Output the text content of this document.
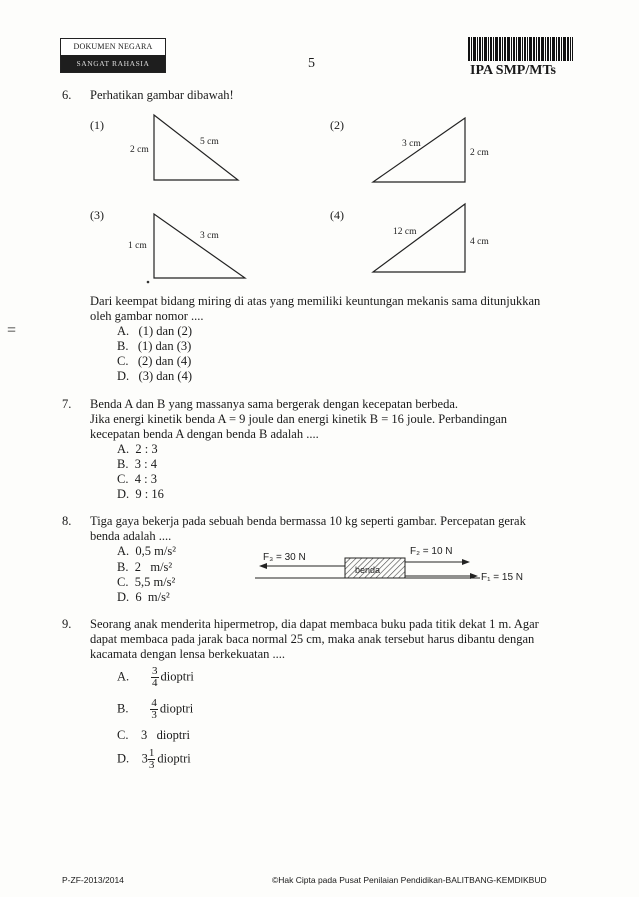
DOKUMEN NEGARA
SANGAT RAHASIA	5	IPA SMP/MTs
=
6. Perhatikan gambar dibawah!
(1)	(2)
(3)	(4)
5 cm
2 cm
3 cm
2 cm
3 cm
1 cm
12 cm
4 cm
Dari keempat bidang miring di atas yang memiliki keuntungan mekanis sama ditunjukkan
oleh gambar nomor ....
A. (1) dan (2)
B. (1) dan (3)
C. (2) dan (4)
D. (3) dan (4)
7. Benda A dan B yang massanya sama bergerak dengan kecepatan berbeda.
Jika energi kinetik benda A = 9 joule dan energi kinetik B = 16 joule. Perbandingan
kecepatan benda A dengan benda B adalah ....
A. 2 : 3
B. 3 : 4
C. 4 : 3
D. 9 : 16
8. Tiga gaya bekerja pada sebuah benda bermassa 10 kg seperti gambar. Percepatan gerak
benda adalah ....
A. 0,5 m/s²
B. 2 m/s²
C. 5,5 m/s²
D. 6 m/s²
benda
F₃ = 30 N
F₂ = 10 N
F₁ = 15 N
9. Seorang anak menderita hipermetrop, dia dapat membaca buku pada titik dekat 1 m. Agar
dapat membaca pada jarak baca normal 25 cm, maka anak tersebut harus dibantu dengan
kacamata dengan lensa berkekuatan ....
A. $\frac{3}{4}$ dioptri
B. $\frac{4}{3}$ dioptri
C. 3 dioptri
D. $3 \frac{1}{3}$ dioptri
P-ZF-2013/2014	©Hak Cipta pada Pusat Penilaian Pendidikan-BALITBANG-KEMDIKBUD
